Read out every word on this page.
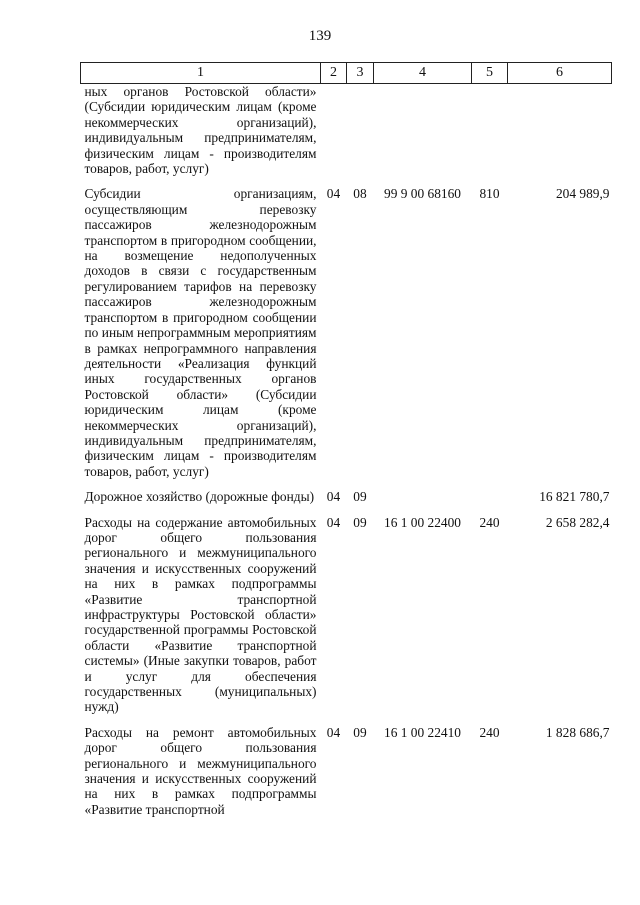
139
1	2	3	4	5	6
ных органов Ростовской области» (Субсидии юридическим лицам (кроме некоммерческих организаций), индивидуальным предпринимателям, физическим лицам - производителям товаров, работ, услуг)					
Субсидии организациям, осуществляющим перевозку пассажиров железнодорожным транспортом в пригородном сообщении, на возмещение недополученных доходов в связи с государственным регулированием тарифов на перевозку пассажиров железнодорожным транспортом в пригородном сообщении по иным непрограммным мероприятиям в рамках непрограммного направления деятельности «Реализация функций иных государственных органов Ростовской области» (Субсидии юридическим лицам (кроме некоммерческих организаций), индивидуальным предпринимателям, физическим лицам - производителям товаров, работ, услуг)	04	08	99 9 00 68160	810	204 989,9
Дорожное хозяйство (дорожные фонды)	04	09			16 821 780,7
Расходы на содержание автомобильных дорог общего пользования регионального и межмуниципального значения и искусственных сооружений на них в рамках подпрограммы «Развитие транспортной инфраструктуры Ростовской области» государственной программы Ростовской области «Развитие транспортной системы» (Иные закупки товаров, работ и услуг для обеспечения государственных (муниципальных) нужд)	04	09	16 1 00 22400	240	2 658 282,4
Расходы на ремонт автомобильных дорог общего пользования регионального и межмуниципального значения и искусственных сооружений на них в рамках подпрограммы «Развитие транспортной	04	09	16 1 00 22410	240	1 828 686,7
